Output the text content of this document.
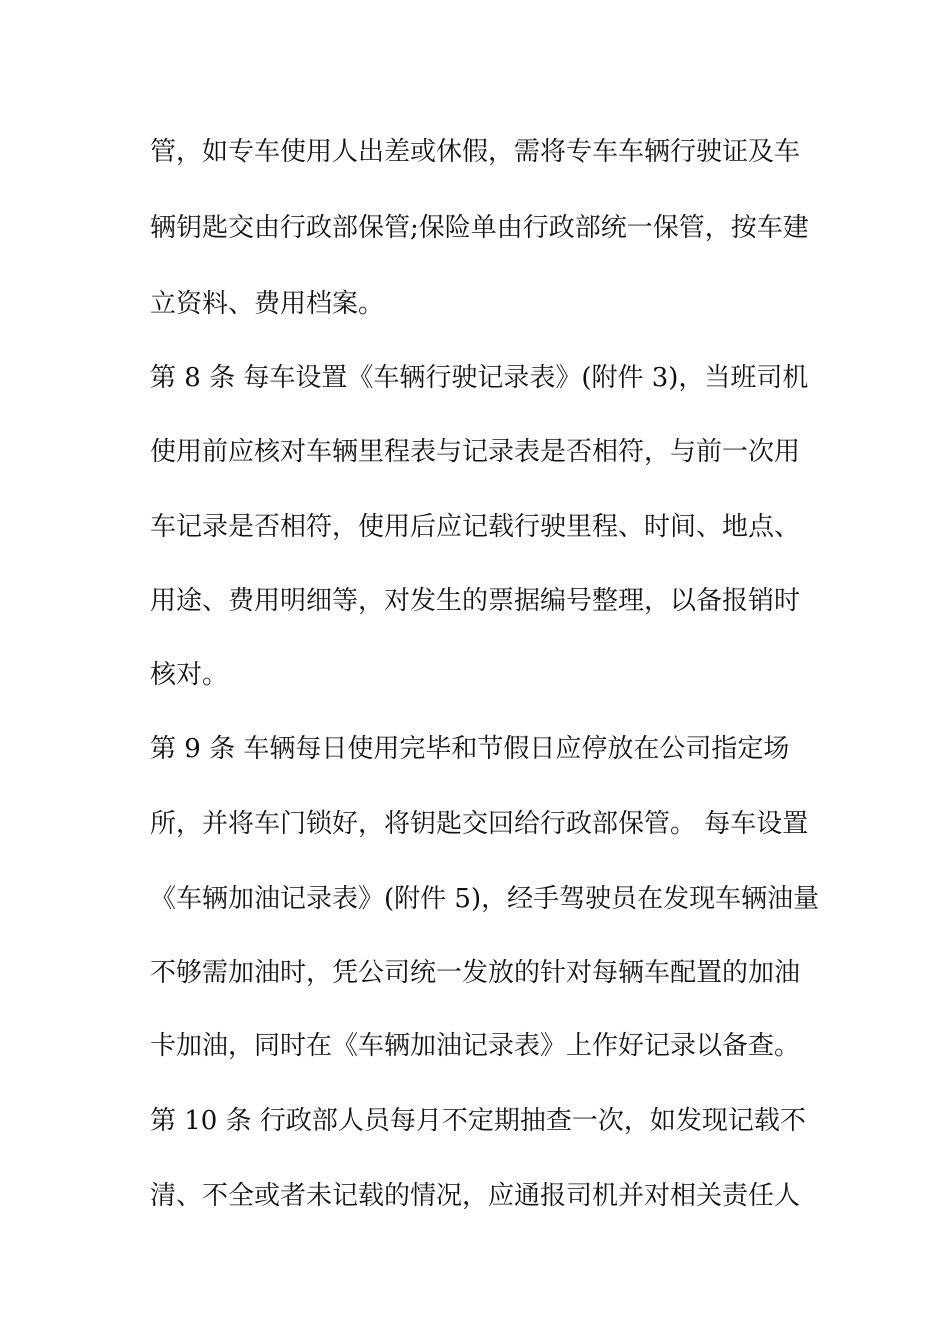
管，如专车使用人出差或休假，需将专车车辆行驶证及车
辆钥匙交由行政部保管;保险单由行政部统一保管，按车建
立资料、费用档案。
第 8 条 每车设置《车辆行驶记录表》(附件 3)，当班司机
使用前应核对车辆里程表与记录表是否相符，与前一次用
车记录是否相符，使用后应记载行驶里程、时间、地点、
用途、费用明细等，对发生的票据编号整理，以备报销时
核对。
第 9 条 车辆每日使用完毕和节假日应停放在公司指定场
所，并将车门锁好，将钥匙交回给行政部保管。 每车设置
《车辆加油记录表》(附件 5)，经手驾驶员在发现车辆油量
不够需加油时，凭公司统一发放的针对每辆车配置的加油
卡加油，同时在《车辆加油记录表》上作好记录以备查。
第 10 条 行政部人员每月不定期抽查一次，如发现记载不
清、不全或者未记载的情况，应通报司机并对相关责任人
